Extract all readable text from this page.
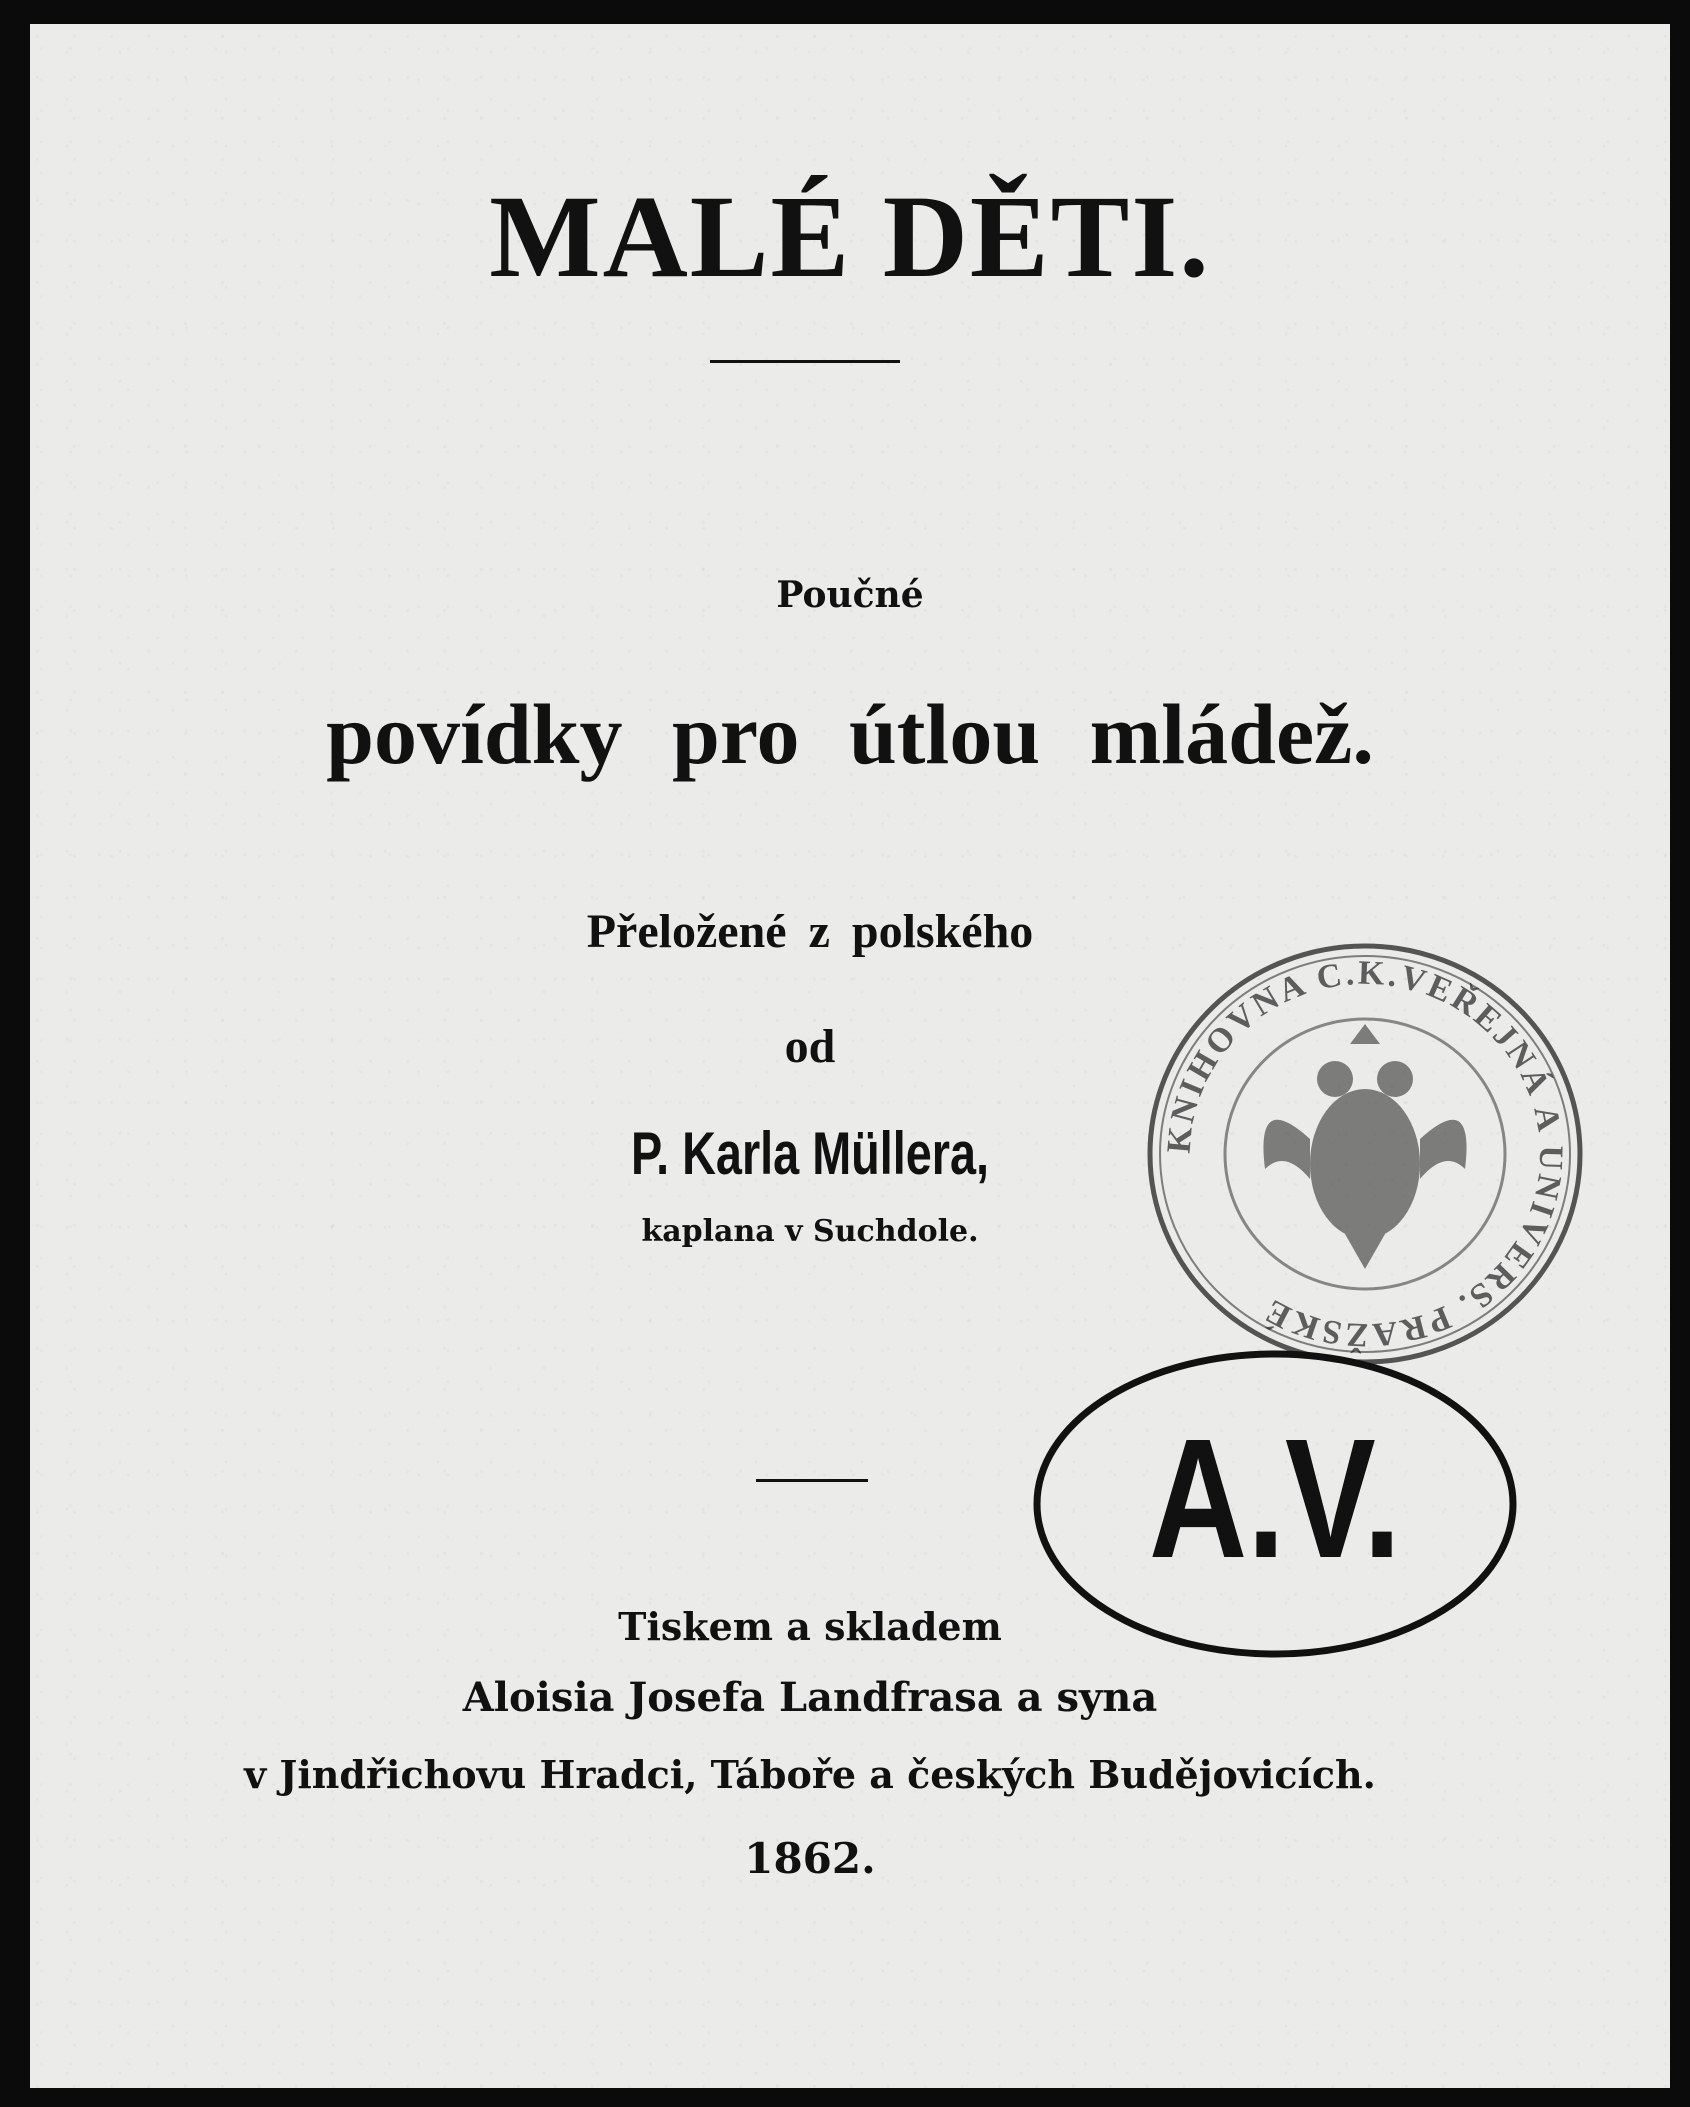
MALÉ DĚTI.
Poučné
povídky pro útlou mládež.
Přeložené z polského
od
P. Karla Müllera,
kaplana v Suchdole.
Tiskem a skladem
Aloisia Josefa Landfrasa a syna
v Jindřichovu Hradci, Táboře a českých Budějovicích.
1862.
KNIHOVNA C.K.VEŘEJNÁ A UNIVERS. PRAŽSKÉ
A.V.
